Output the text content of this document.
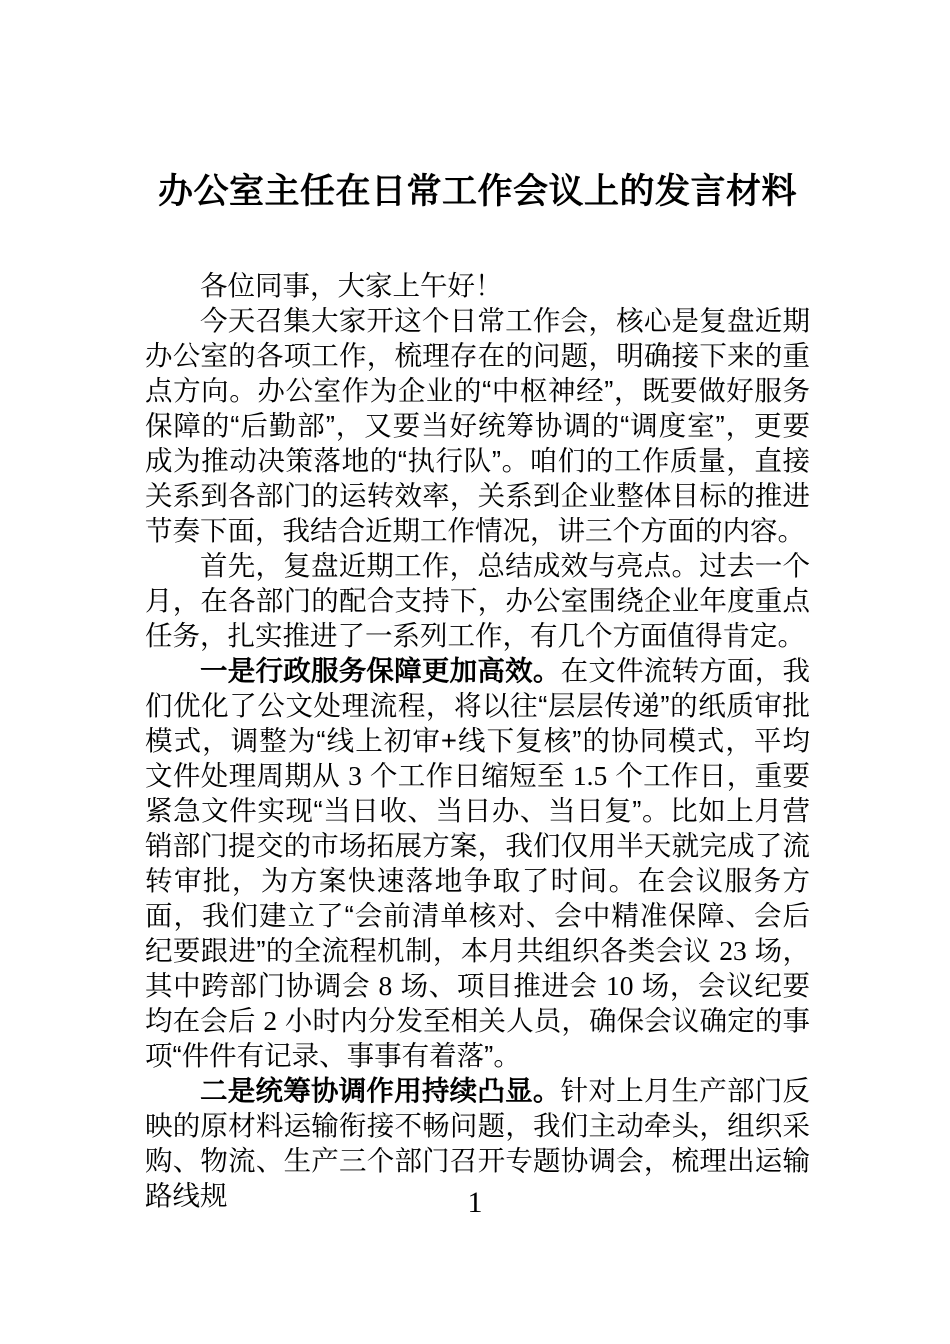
办公室主任在日常工作会议上的发言材料

各位同事，大家上午好！

今天召集大家开这个日常工作会，核心是复盘近期办公室的各项工作，梳理存在的问题，明确接下来的重点方向。办公室作为企业的“中枢神经”，既要做好服务保障的“后勤部”，又要当好统筹协调的“调度室”，更要成为推动决策落地的“执行队”。咱们的工作质量，直接关系到各部门的运转效率，关系到企业整体目标的推进节奏下面，我结合近期工作情况，讲三个方面的内容。

首先，复盘近期工作，总结成效与亮点。过去一个月，在各部门的配合支持下，办公室围绕企业年度重点任务，扎实推进了一系列工作，有几个方面值得肯定。

一是行政服务保障更加高效。在文件流转方面，我们优化了公文处理流程，将以往“层层传递”的纸质审批模式，调整为“线上初审+线下复核”的协同模式，平均文件处理周期从 3 个工作日缩短至 1.5 个工作日，重要紧急文件实现“当日收、当日办、当日复”。比如上月营销部门提交的市场拓展方案，我们仅用半天就完成了流转审批，为方案快速落地争取了时间。在会议服务方面，我们建立了“会前清单核对、会中精准保障、会后纪要跟进”的全流程机制，本月共组织各类会议 23 场，其中跨部门协调会 8 场、项目推进会 10 场，会议纪要均在会后 2 小时内分发至相关人员，确保会议确定的事项“件件有记录、事事有着落”。

二是统筹协调作用持续凸显。针对上月生产部门反映的原材料运输衔接不畅问题，我们主动牵头，组织采购、物流、生产三个部门召开专题协调会，梳理出运输路线规	1
